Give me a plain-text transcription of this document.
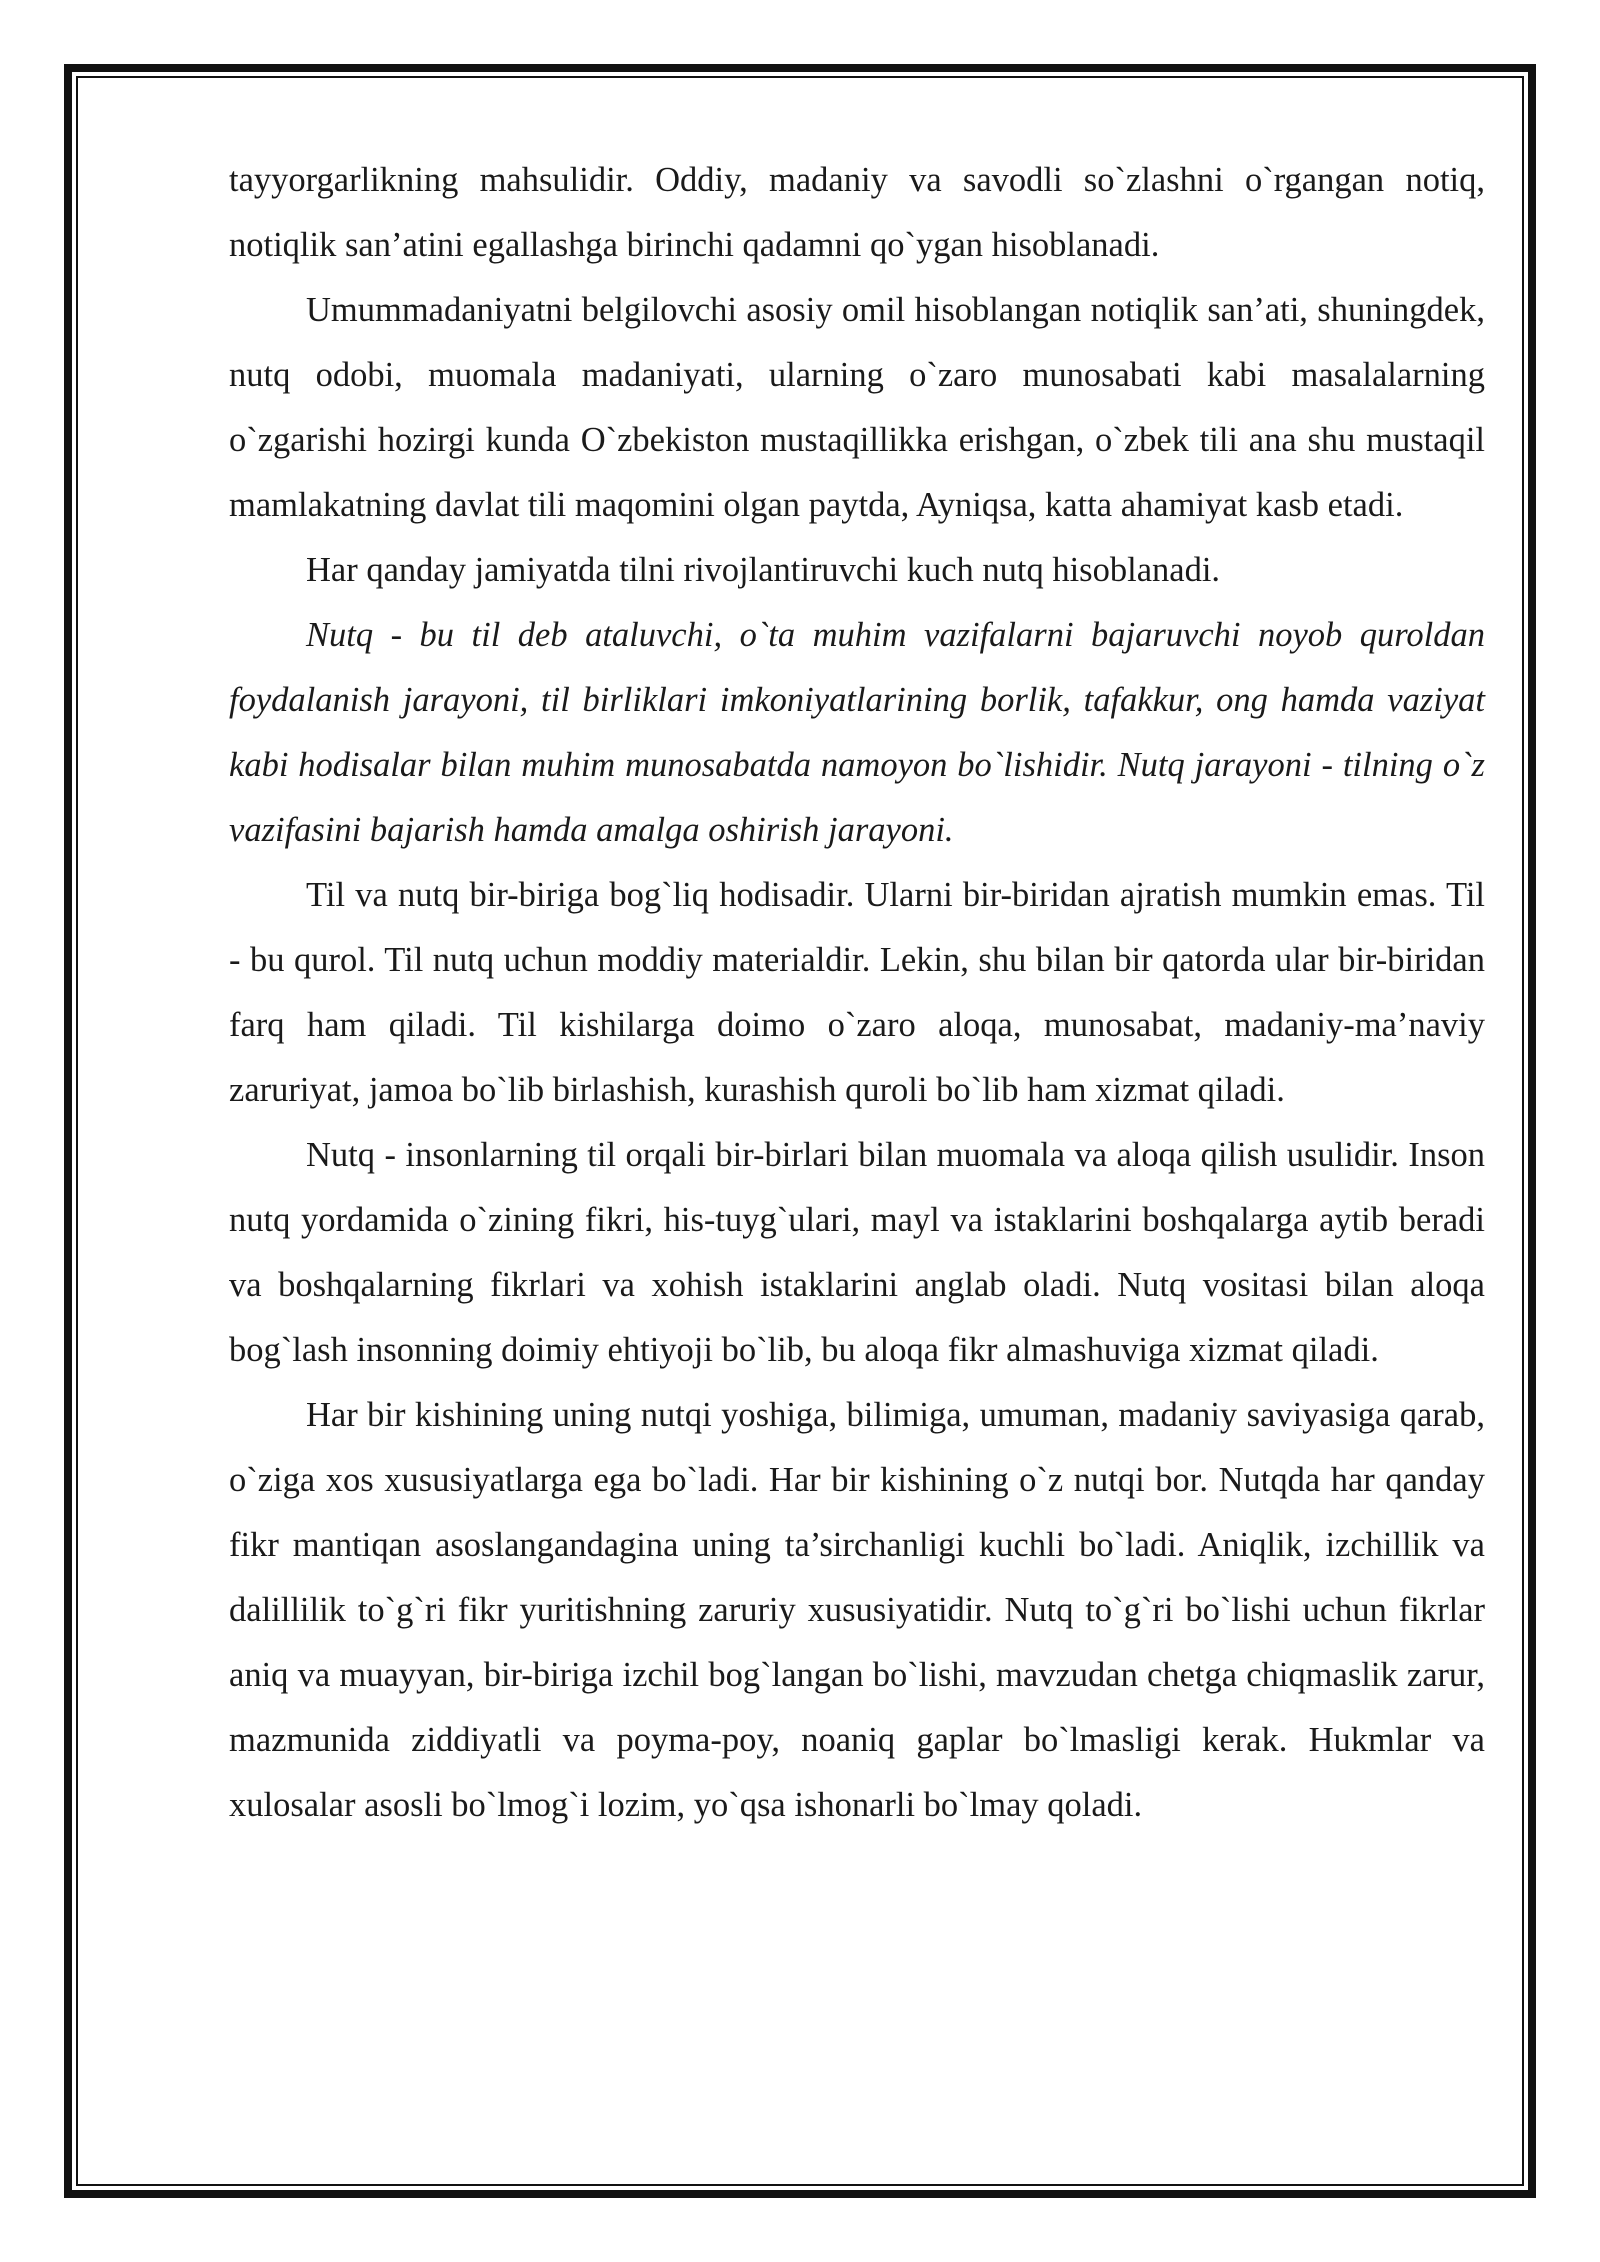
tayyorgarlikning mahsulidir. Oddiy, madaniy va savodli so`zlashni o`rgangan notiq, notiqlik san’atini egallashga birinchi qadamni qo`ygan hisoblanadi.

Umummadaniyatni belgilovchi asosiy omil hisoblangan notiqlik san’ati, shuningdek, nutq odobi, muomala madaniyati, ularning o`zaro munosabati kabi masalalarning o`zgarishi hozirgi kunda O`zbekiston mustaqillikka erishgan, o`zbek tili ana shu mustaqil mamlakatning davlat tili maqomini olgan paytda, Ayniqsa, katta ahamiyat kasb etadi.

Har qanday jamiyatda tilni rivojlantiruvchi kuch nutq hisoblanadi.

Nutq - bu til deb ataluvchi, o`ta muhim vazifalarni bajaruvchi noyob quroldan foydalanish jarayoni, til birliklari imkoniyatlarining borlik, tafakkur, ong hamda vaziyat kabi hodisalar bilan muhim munosabatda namoyon bo`lishidir. Nutq jarayoni - tilning o`z vazifasini bajarish hamda amalga oshirish jarayoni.

Til va nutq bir-biriga bog`liq hodisadir. Ularni bir-biridan ajratish mumkin emas. Til - bu qurol. Til nutq uchun moddiy materialdir. Lekin, shu bilan bir qatorda ular bir-biridan farq ham qiladi. Til kishilarga doimo o`zaro aloqa, munosabat, madaniy-ma’naviy zaruriyat, jamoa bo`lib birlashish, kurashish quroli bo`lib ham xizmat qiladi.

Nutq - insonlarning til orqali bir-birlari bilan muomala va aloqa qilish usulidir. Inson nutq yordamida o`zining fikri, his-tuyg`ulari, mayl va istaklarini boshqalarga aytib beradi va boshqalarning fikrlari va xohish istaklarini anglab oladi. Nutq vositasi bilan aloqa bog`lash insonning doimiy ehtiyoji bo`lib, bu aloqa fikr almashuviga xizmat qiladi.

Har bir kishining uning nutqi yoshiga, bilimiga, umuman, madaniy saviyasiga qarab, o`ziga xos xususiyatlarga ega bo`ladi. Har bir kishining o`z nutqi bor. Nutqda har qanday fikr mantiqan asoslangandagina uning ta’sirchanligi kuchli bo`ladi. Aniqlik, izchillik va dalillilik to`g`ri fikr yuritishning zaruriy xususiyatidir. Nutq to`g`ri bo`lishi uchun fikrlar aniq va muayyan, bir-biriga izchil bog`langan bo`lishi, mavzudan chetga chiqmaslik zarur, mazmunida ziddiyatli va poyma-poy, noaniq gaplar bo`lmasligi kerak. Hukmlar va xulosalar asosli bo`lmog`i lozim, yo`qsa ishonarli bo`lmay qoladi.
